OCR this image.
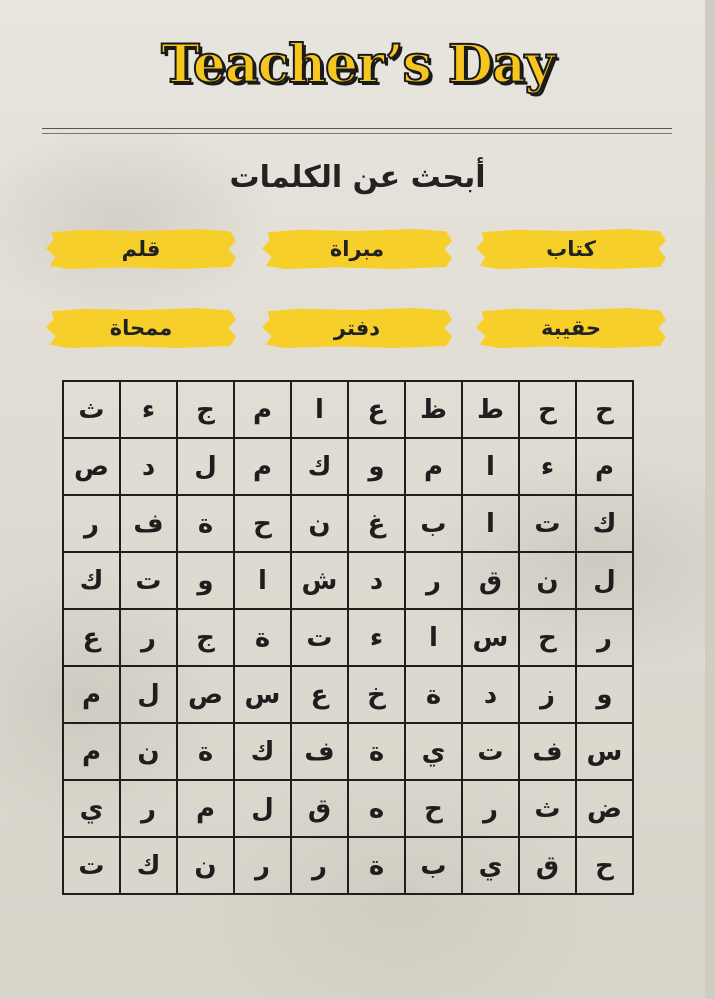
Teacher’s Day
أبحث عن الكلمات
كتاب
مبراة
قلم
حقيبة
دفتر
ممحاة
ح	ح	ط	ظ	ع	ا	م	ج	ء	ث
م	ء	ا	م	و	ك	م	ل	د	ص
ك	ت	ا	ب	غ	ن	ح	ة	ف	ر
ل	ن	ق	ر	د	ش	ا	و	ت	ك
ر	ح	س	ا	ء	ت	ة	ج	ر	ع
و	ز	د	ة	خ	ع	س	ص	ل	م
س	ف	ت	ي	ة	ف	ك	ة	ن	م
ض	ث	ر	ح	ه	ق	ل	م	ر	ي
ح	ق	ي	ب	ة	ر	ر	ن	ك	ت
